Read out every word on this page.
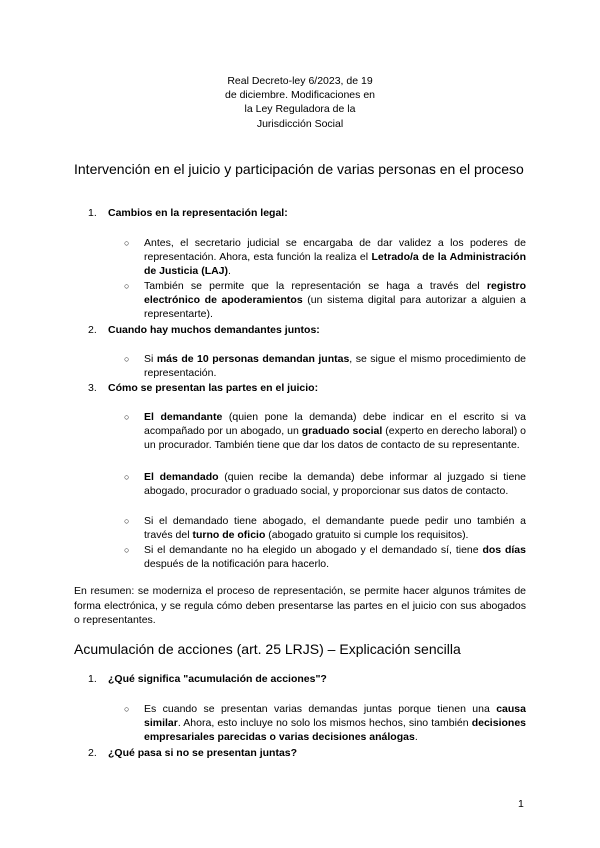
Real Decreto-ley 6/2023, de 19
de diciembre. Modificaciones en
la Ley Reguladora de la
Jurisdicción Social
Intervención en el juicio y participación de varias personas en el proceso
1. Cambios en la representación legal:
○ Antes, el secretario judicial se encargaba de dar validez a los poderes de representación. Ahora, esta función la realiza el Letrado/a de la Administración de Justicia (LAJ).
○ También se permite que la representación se haga a través del registro electrónico de apoderamientos (un sistema digital para autorizar a alguien a representarte).
2. Cuando hay muchos demandantes juntos:
○ Si más de 10 personas demandan juntas, se sigue el mismo procedimiento de representación.
3. Cómo se presentan las partes en el juicio:
○ El demandante (quien pone la demanda) debe indicar en el escrito si va acompañado por un abogado, un graduado social (experto en derecho laboral) o un procurador. También tiene que dar los datos de contacto de su representante.
○ El demandado (quien recibe la demanda) debe informar al juzgado si tiene abogado, procurador o graduado social, y proporcionar sus datos de contacto.
○ Si el demandado tiene abogado, el demandante puede pedir uno también a través del turno de oficio (abogado gratuito si cumple los requisitos).
○ Si el demandante no ha elegido un abogado y el demandado sí, tiene dos días después de la notificación para hacerlo.
En resumen: se moderniza el proceso de representación, se permite hacer algunos trámites de forma electrónica, y se regula cómo deben presentarse las partes en el juicio con sus abogados o representantes.
Acumulación de acciones (art. 25 LRJS) – Explicación sencilla
1. ¿Qué significa "acumulación de acciones"?
○ Es cuando se presentan varias demandas juntas porque tienen una causa similar. Ahora, esto incluye no solo los mismos hechos, sino también decisiones empresariales parecidas o varias decisiones análogas.
2. ¿Qué pasa si no se presentan juntas?
1
